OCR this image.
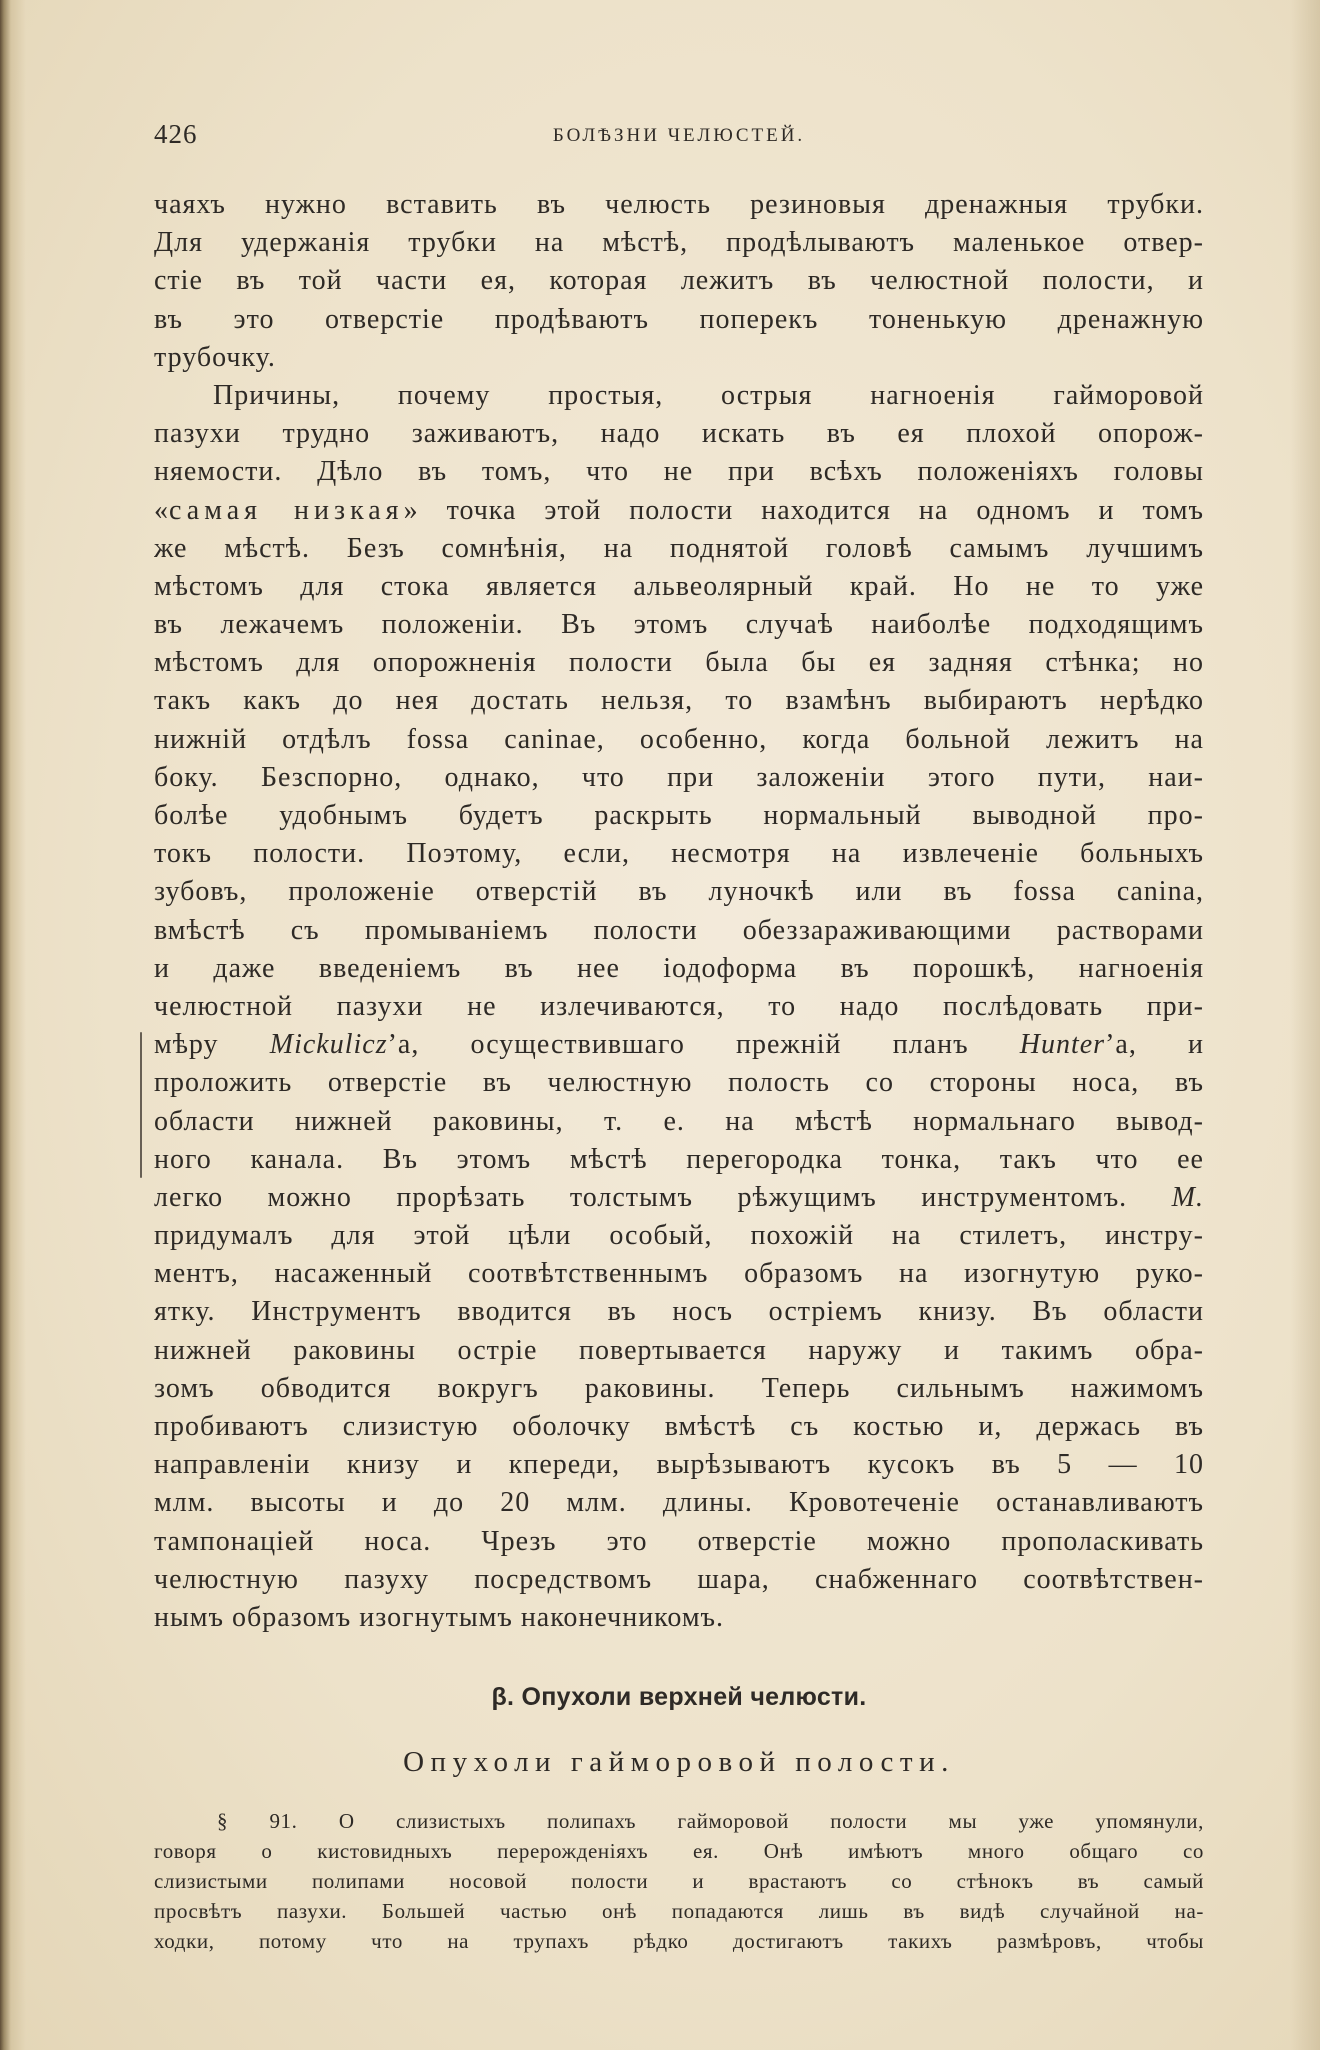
426	БОЛѢЗНИ ЧЕЛЮСТЕЙ.
чаяхъ нужно вставить въ челюсть резиновыя дренажныя трубки.
Для удержанія трубки на мѣстѣ, продѣлываютъ маленькое отвер-
стіе въ той части ея, которая лежитъ въ челюстной полости, и
въ это отверстіе продѣваютъ поперекъ тоненькую дренажную
трубочку.
Причины, почему простыя, острыя нагноенія гайморовой
пазухи трудно заживаютъ, надо искать въ ея плохой опорож-
няемости. Дѣло въ томъ, что не при всѣхъ положеніяхъ головы
«самая низкая» точка этой полости находится на одномъ и томъ
же мѣстѣ. Безъ сомнѣнія, на поднятой головѣ самымъ лучшимъ
мѣстомъ для стока является альвеолярный край. Но не то уже
въ лежачемъ положеніи. Въ этомъ случаѣ наиболѣе подходящимъ
мѣстомъ для опорожненія полости была бы ея задняя стѣнка; но
такъ какъ до нея достать нельзя, то взамѣнъ выбираютъ нерѣдко
нижній отдѣлъ fossa caninae, особенно, когда больной лежитъ на
боку. Безспорно, однако, что при заложеніи этого пути, наи-
болѣе удобнымъ будетъ раскрыть нормальный выводной про-
токъ полости. Поэтому, если, несмотря на извлеченіе больныхъ
зубовъ, проложеніе отверстій въ луночкѣ или въ fossa canina,
вмѣстѣ съ промываніемъ полости обеззараживающими растворами
и даже введеніемъ въ нее іодоформа въ порошкѣ, нагноенія
челюстной пазухи не излечиваются, то надо послѣдовать при-
мѣру Mickulicz’а, осуществившаго прежній планъ Hunter’а, и
проложить отверстіе въ челюстную полость со стороны носа, въ
области нижней раковины, т. е. на мѣстѣ нормальнаго вывод-
ного канала. Въ этомъ мѣстѣ перегородка тонка, такъ что ее
легко можно прорѣзать толстымъ рѣжущимъ инструментомъ. M.
придумалъ для этой цѣли особый, похожій на стилетъ, инстру-
ментъ, насаженный соотвѣтственнымъ образомъ на изогнутую руко-
ятку. Инструментъ вводится въ носъ остріемъ книзу. Въ области
нижней раковины остріе повертывается наружу и такимъ обра-
зомъ обводится вокругъ раковины. Теперь сильнымъ нажимомъ
пробиваютъ слизистую оболочку вмѣстѣ съ костью и, держась въ
направленіи книзу и кпереди, вырѣзываютъ кусокъ въ 5 — 10
млм. высоты и до 20 млм. длины. Кровотеченіе останавливаютъ
тампонаціей носа. Чрезъ это отверстіе можно прополаскивать
челюстную пазуху посредствомъ шара, снабженнаго соотвѣтствен-
нымъ образомъ изогнутымъ наконечникомъ.
β. Опухоли верхней челюсти.
Опухоли гайморовой полости.
§ 91. О слизистыхъ полипахъ гайморовой полости мы уже упомянули,
говоря о кистовидныхъ перерожденіяхъ ея. Онѣ имѣютъ много общаго со
слизистыми полипами носовой полости и врастаютъ со стѣнокъ въ самый
просвѣтъ пазухи. Большей частью онѣ попадаются лишь въ видѣ случайной на-
ходки, потому что на трупахъ рѣдко достигаютъ такихъ размѣровъ, чтобы
